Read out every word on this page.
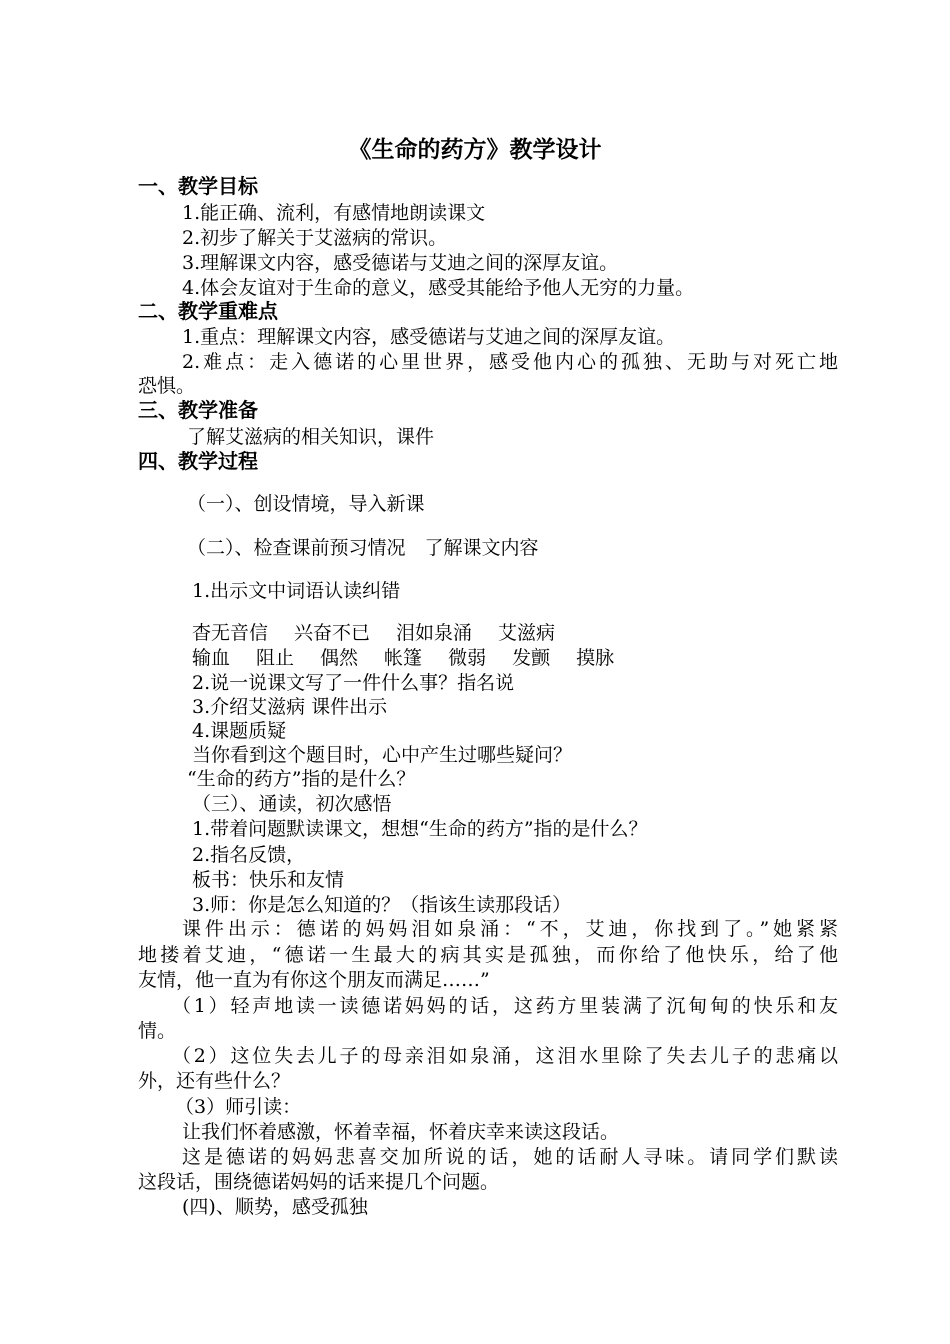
《生命的药方》教学设计
一、教学目标
1.能正确、流利，有感情地朗读课文
2.初步了解关于艾滋病的常识。
3.理解课文内容，感受德诺与艾迪之间的深厚友谊。
4.体会友谊对于生命的意义，感受其能给予他人无穷的力量。
二、教学重难点
1.重点：理解课文内容，感受德诺与艾迪之间的深厚友谊。
2.难点：走入德诺的心里世界，感受他内心的孤独、无助与对死亡地
恐惧。
三、教学准备
了解艾滋病的相关知识，课件
四、教学过程
（一）、创设情境，导入新课
（二）、检查课前预习情况　了解课文内容
1.出示文中词语认读纠错
杳无音信 兴奋不已 泪如泉涌 艾滋病
输血 阻止 偶然 帐篷 微弱 发颤 摸脉
2.说一说课文写了一件什么事？指名说
3.介绍艾滋病 课件出示
4.课题质疑
当你看到这个题目时，心中产生过哪些疑问？
“生命的药方”指的是什么？
（三）、通读，初次感悟
1.带着问题默读课文，想想“生命的药方”指的是什么？
2.指名反馈，
板书：快乐和友情
3.师：你是怎么知道的？（指该生读那段话）
课件出示：德诺的妈妈泪如泉涌：“不，艾迪，你找到了。”她紧紧
地搂着艾迪，“德诺一生最大的病其实是孤独，而你给了他快乐，给了他
友情，他一直为有你这个朋友而满足……”
（1）轻声地读一读德诺妈妈的话，这药方里装满了沉甸甸的快乐和友
情。
（2）这位失去儿子的母亲泪如泉涌，这泪水里除了失去儿子的悲痛以
外，还有些什么？
（3）师引读：
让我们怀着感激，怀着幸福，怀着庆幸来读这段话。
这是德诺的妈妈悲喜交加所说的话，她的话耐人寻味。请同学们默读
这段话，围绕德诺妈妈的话来提几个问题。
(四)、顺势，感受孤独
